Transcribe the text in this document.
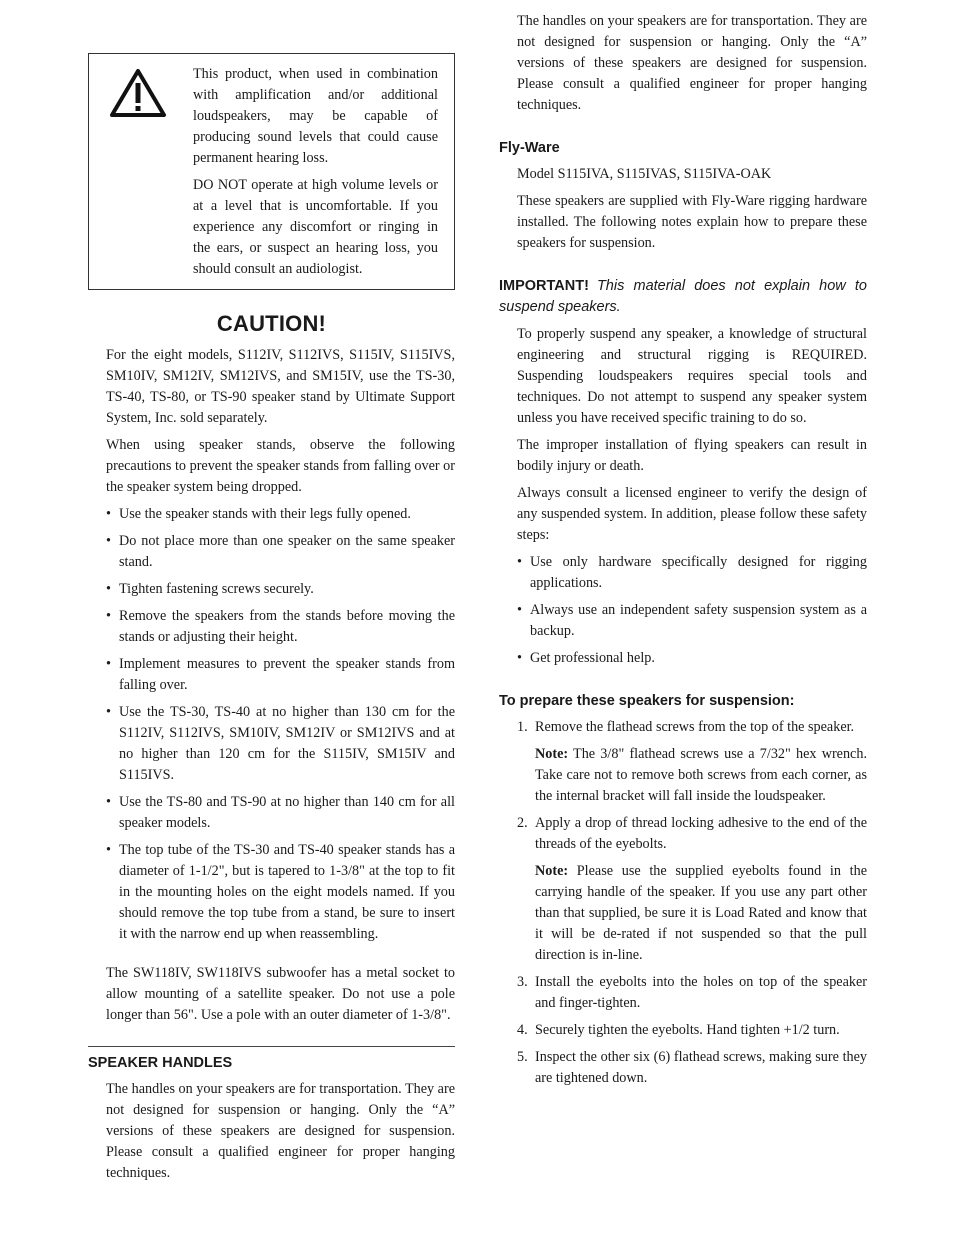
This product, when used in combination with amplification and/or additional loudspeakers, may be capable of producing sound levels that could cause permanent hearing loss.

DO NOT operate at high volume levels or at a level that is uncomfortable. If you experience any discomfort or ringing in the ears, or suspect an hearing loss, you should consult an audiologist.

CAUTION!

For the eight models, S112IV, S112IVS, S115IV, S115IVS, SM10IV, SM12IV, SM12IVS, and SM15IV, use the TS-30, TS-40, TS-80, or TS-90 speaker stand by Ultimate Support System, Inc. sold separately.

When using speaker stands, observe the following precautions to prevent the speaker stands from falling over or the speaker system being dropped.

• Use the speaker stands with their legs fully opened.
• Do not place more than one speaker on the same speaker stand.
• Tighten fastening screws securely.
• Remove the speakers from the stands before moving the stands or adjusting their height.
• Implement measures to prevent the speaker stands from falling over.
• Use the TS-30, TS-40 at no higher than 130 cm for the S112IV, S112IVS, SM10IV, SM12IV or SM12IVS and at no higher than 120 cm for the S115IV, SM15IV and S115IVS.
• Use the TS-80 and TS-90 at no higher than 140 cm for all speaker models.
• The top tube of the TS-30 and TS-40 speaker stands has a diameter of 1-1/2", but is tapered to 1-3/8" at the top to fit in the mounting holes on the eight models named. If you should remove the top tube from a stand, be sure to insert it with the narrow end up when reassembling.

The SW118IV, SW118IVS subwoofer has a metal socket to allow mounting of a satellite speaker. Do not use a pole longer than 56". Use a pole with an outer diameter of 1-3/8".

SPEAKER HANDLES

The handles on your speakers are for transportation. They are not designed for suspension or hanging. Only the “A” versions of these speakers are designed for suspension. Please consult a qualified engineer for proper hanging techniques.

The handles on your speakers are for transportation. They are not designed for suspension or hanging. Only the “A” versions of these speakers are designed for suspension. Please consult a qualified engineer for proper hanging techniques.

Fly-Ware

Model S115IVA, S115IVAS, S115IVA-OAK

These speakers are supplied with Fly-Ware rigging hardware installed. The following notes explain how to prepare these speakers for suspension.

IMPORTANT! This material does not explain how to suspend speakers.

To properly suspend any speaker, a knowledge of structural engineering and structural rigging is REQUIRED. Suspending loudspeakers requires special tools and techniques. Do not attempt to suspend any speaker system unless you have received specific training to do so.

The improper installation of flying speakers can result in bodily injury or death.

Always consult a licensed engineer to verify the design of any suspended system. In addition, please follow these safety steps:

• Use only hardware specifically designed for rigging applications.
• Always use an independent safety suspension system as a backup.
• Get professional help.
To prepare these speakers for suspension:
1. Remove the flathead screws from the top of the speaker.

Note: The 3/8" flathead screws use a 7/32" hex wrench. Take care not to remove both screws from each corner, as the internal bracket will fall inside the loudspeaker.

2. Apply a drop of thread locking adhesive to the end of the threads of the eyebolts.

Note: Please use the supplied eyebolts found in the carrying handle of the speaker. If you use any part other than that supplied, be sure it is Load Rated and know that it will be de-rated if not suspended so that the pull direction is in-line.

3. Install the eyebolts into the holes on top of the speaker and finger-tighten.

4. Securely tighten the eyebolts. Hand tighten +1/2 turn.

5. Inspect the other six (6) flathead screws, making sure they are tightened down.
